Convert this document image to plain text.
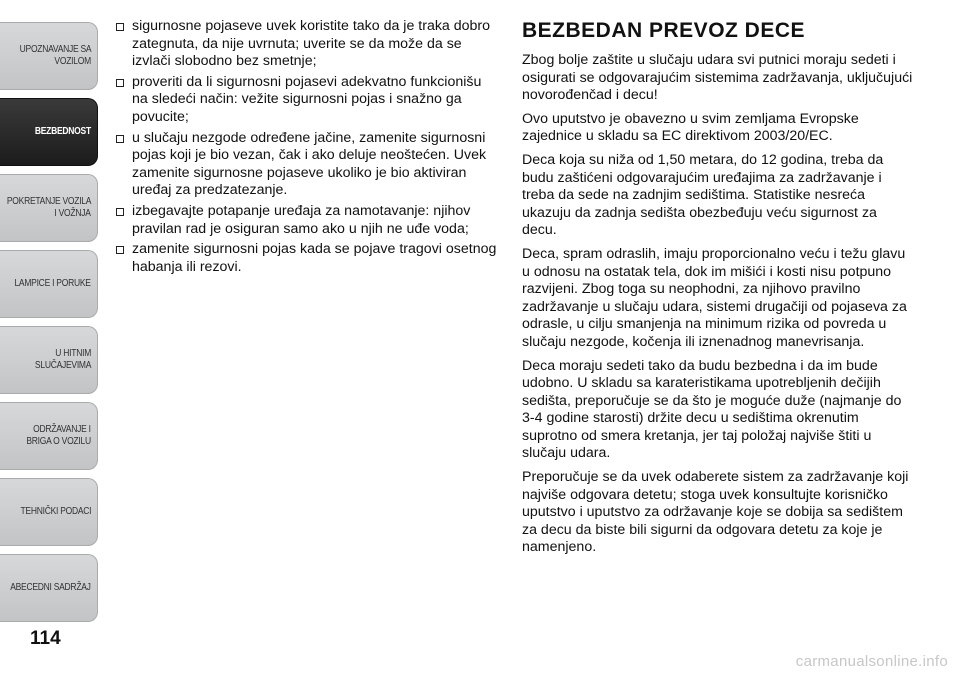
UPOZNAVANJE SA
VOZILOM
BEZBEDNOST
POKRETANJE VOZILA
I VOŽNJA
LAMPICE I PORUKE
U HITNIM
SLUČAJEVIMA
ODRŽAVANJE I
BRIGA O VOZILU
TEHNIČKI PODACI
ABECEDNI SADRŽAJ
114
sigurnosne pojaseve uvek koristite tako da je traka dobro zategnuta, da nije uvrnuta; uverite se da može da se izvlači slobodno bez smetnje;
proveriti da li sigurnosni pojasevi adekvatno funkcionišu na sledeći način: vežite sigurnosni pojas i snažno ga povucite;
u slučaju nezgode određene jačine, zamenite sigurnosni pojas koji je bio vezan, čak i ako deluje neoštećen. Uvek zamenite sigurnosne pojaseve ukoliko je bio aktiviran uređaj za predzatezanje.
izbegavajte potapanje uređaja za namotavanje: njihov pravilan rad je osiguran samo ako u njih ne uđe voda;
zamenite sigurnosni pojas kada se pojave tragovi osetnog habanja ili rezovi.
BEZBEDAN PREVOZ DECE

Zbog bolje zaštite u slučaju udara svi putnici moraju sedeti i osigurati se odgovarajućim sistemima zadržavanja, uključujući novorođenčad i decu!

Ovo uputstvo je obavezno u svim zemljama Evropske zajednice u skladu sa EC direktivom 2003/20/EC.

Deca koja su niža od 1,50 metara, do 12 godina, treba da budu zaštićeni odgovarajućim uređajima za zadržavanje i treba da sede na zadnjim sedištima. Statistike nesreća ukazuju da zadnja sedišta obezbeđuju veću sigurnost za decu.

Deca, spram odraslih, imaju proporcionalno veću i težu glavu u odnosu na ostatak tela, dok im mišići i kosti nisu potpuno razvijeni. Zbog toga su neophodni, za njihovo pravilno zadržavanje u slučaju udara, sistemi drugačiji od pojaseva za odrasle, u cilju smanjenja na minimum rizika od povreda u slučaju nezgode, kočenja ili iznenadnog manevrisanja.

Deca moraju sedeti tako da budu bezbedna i da im bude udobno. U skladu sa karateristikama upotrebljenih dečijih sedišta, preporučuje se da što je moguće duže (najmanje do 3-4 godine starosti) držite decu u sedištima okrenutim suprotno od smera kretanja, jer taj položaj najviše štiti u slučaju udara.

Preporučuje se da uvek odaberete sistem za zadržavanje koji najviše odgovara detetu; stoga uvek konsultujte korisničko uputstvo i uputstvo za održavanje koje se dobija sa sedištem za decu da biste bili sigurni da odgovara detetu za koje je namenjeno.

carmanualsonline.info
